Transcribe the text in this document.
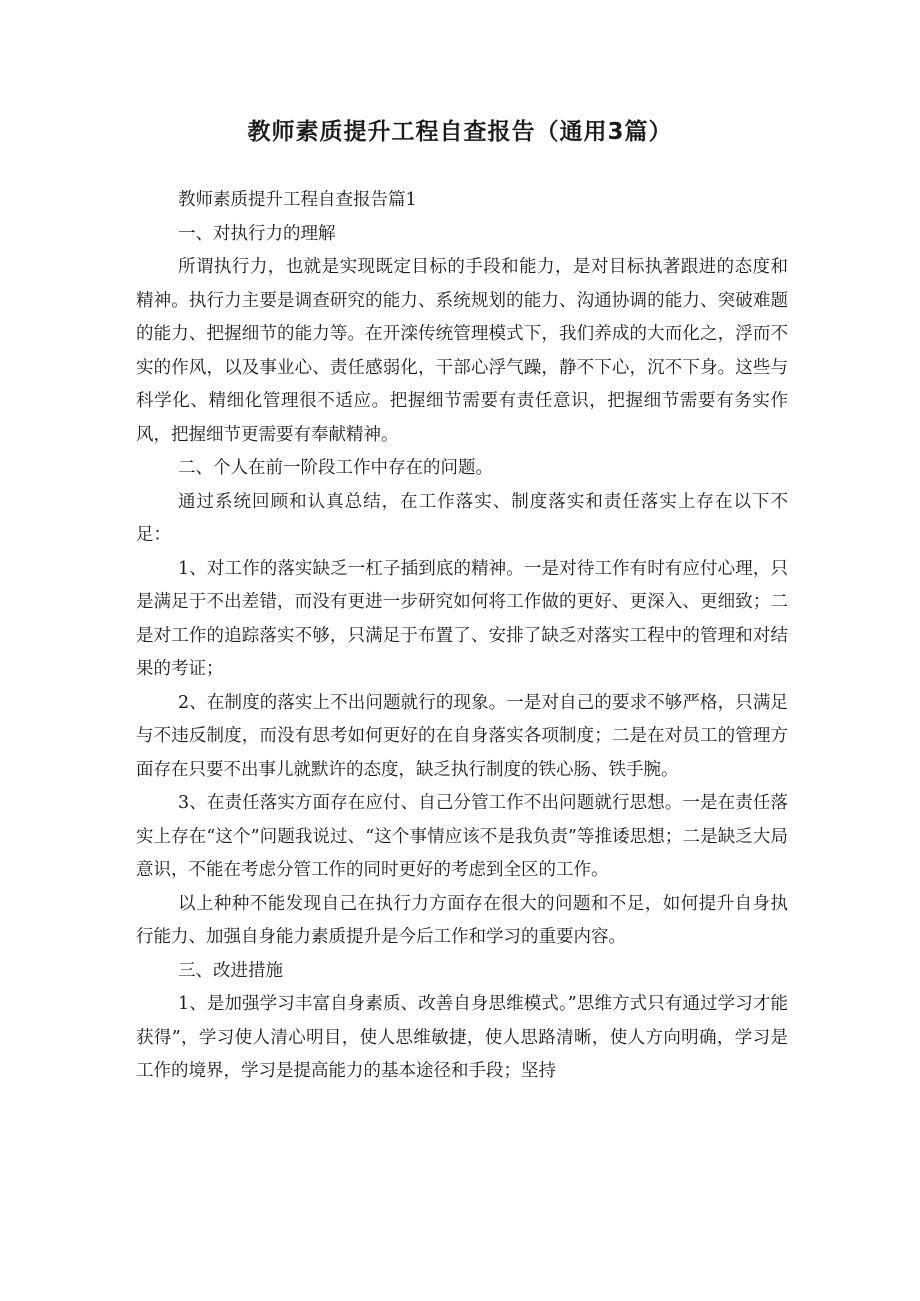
教师素质提升工程自查报告（通用3篇）

教师素质提升工程自查报告篇1

一、对执行力的理解

所谓执行力，也就是实现既定目标的手段和能力，是对目标执著跟进的态度和精神。执行力主要是调查研究的能力、系统规划的能力、沟通协调的能力、突破难题的能力、把握细节的能力等。在开滦传统管理模式下，我们养成的大而化之，浮而不实的作风，以及事业心、责任感弱化，干部心浮气躁，静不下心，沉不下身。这些与科学化、精细化管理很不适应。把握细节需要有责任意识，把握细节需要有务实作风，把握细节更需要有奉献精神。

二、个人在前一阶段工作中存在的问题。

通过系统回顾和认真总结，在工作落实、制度落实和责任落实上存在以下不足：

1、对工作的落实缺乏一杠子插到底的精神。一是对待工作有时有应付心理，只是满足于不出差错，而没有更进一步研究如何将工作做的更好、更深入、更细致；二是对工作的追踪落实不够，只满足于布置了、安排了缺乏对落实工程中的管理和对结果的考证；

2、在制度的落实上不出问题就行的现象。一是对自己的要求不够严格，只满足与不违反制度，而没有思考如何更好的在自身落实各项制度；二是在对员工的管理方面存在只要不出事儿就默许的态度，缺乏执行制度的铁心肠、铁手腕。

3、在责任落实方面存在应付、自己分管工作不出问题就行思想。一是在责任落实上存在“这个”问题我说过、“这个事情应该不是我负责”等推诿思想；二是缺乏大局意识，不能在考虑分管工作的同时更好的考虑到全区的工作。

以上种种不能发现自己在执行力方面存在很大的问题和不足，如何提升自身执行能力、加强自身能力素质提升是今后工作和学习的重要内容。

三、改进措施

1、是加强学习丰富自身素质、改善自身思维模式。”思维方式只有通过学习才能获得”，学习使人清心明目，使人思维敏捷，使人思路清晰，使人方向明确，学习是工作的境界，学习是提高能力的基本途径和手段；坚持
